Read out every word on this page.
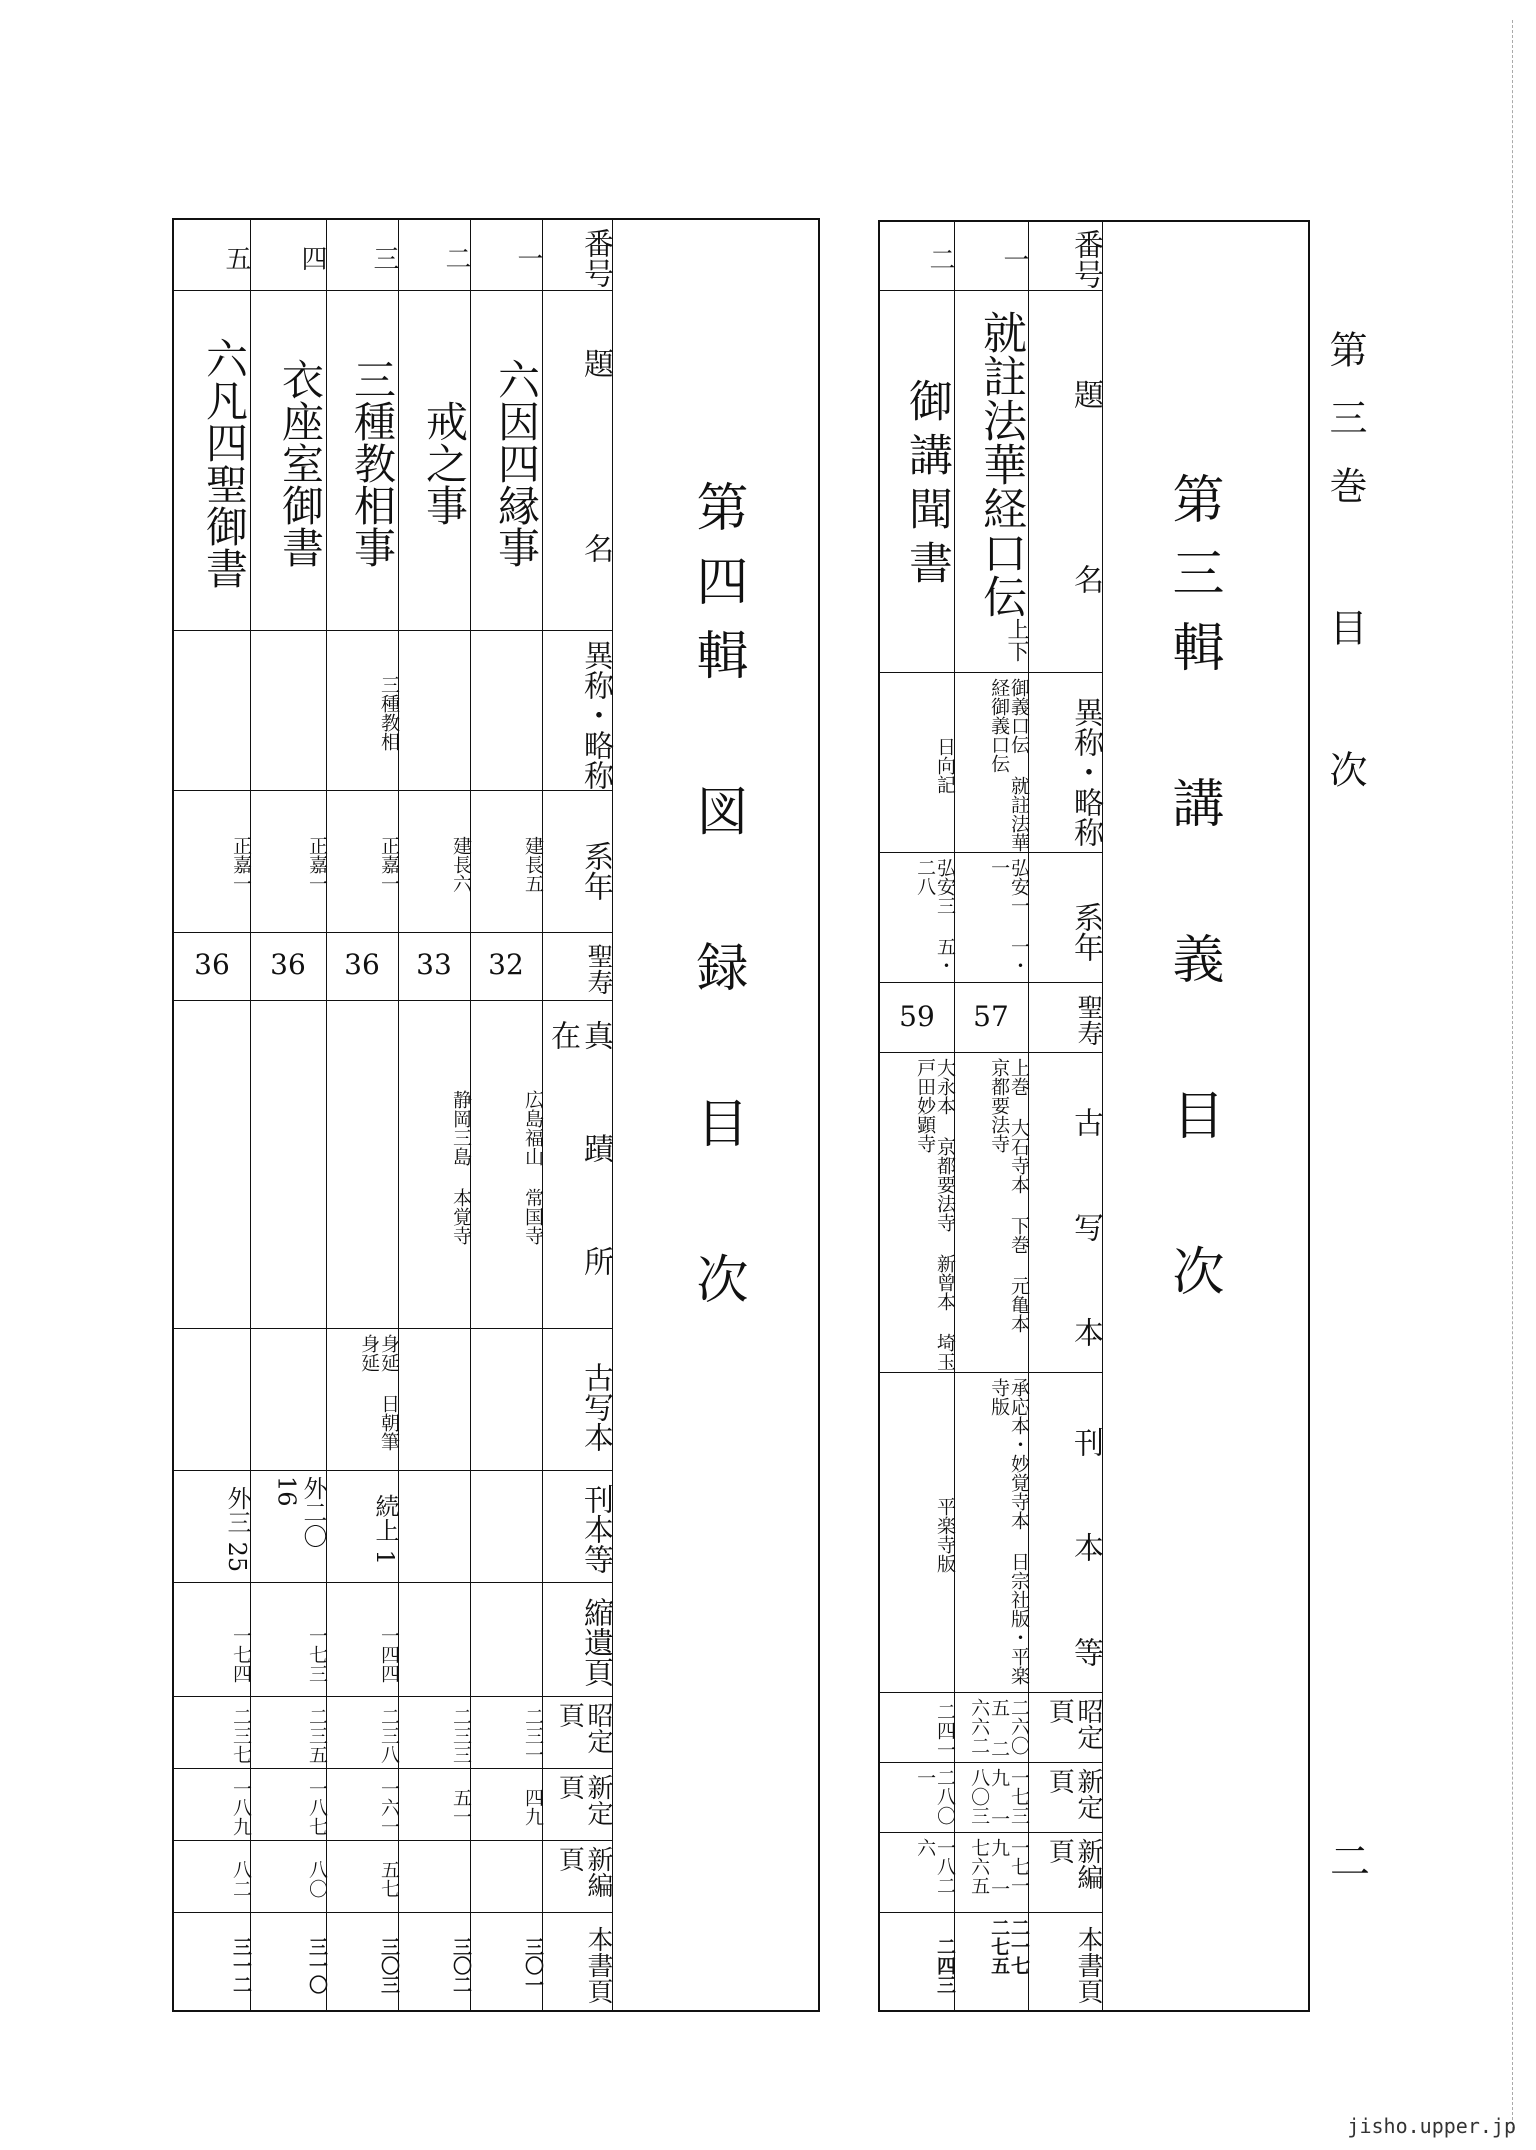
第三巻 目 次
二
第三輯 講 義 目 次
番号
題 名
異称・略称
系年
聖寿
古 写 本
刊 本 等
昭定頁
新定頁
新編頁
本書頁
一
就註法華経口伝
上下
御義口伝 就註法華経御義口伝
弘安一 一・一
57
上巻 大石寺本 下巻 元亀本 京都要法寺
承応本・妙覚寺本 日宗社版・平楽寺版
二六〇五 二六六二
一七三九 一八〇三
一七一九 一七六五
二一七 二七五
二
御講聞書
日向記
弘安三 五・二八
59
大永本 京都要法寺 新曾本 埼玉戸田妙顕寺
平楽寺版
二四一
二八〇一
一八二六
二四三
第四輯 図 録 目 次
番号
題 名
異称・略称
系年
聖寿
真 蹟 所 在
古写本
刊本等
縮遺頁
昭定頁
新定頁
新編頁
本書頁
一
六因四縁事
建長五
32
広島福山 常国寺
二三一
四九
三〇一
二
戒之事
建長六
33
静岡三島 本覚寺
二三三
五一
三〇二
三
三種教相事
三種教相
正嘉一
36
身延 日朝筆 身延
続上 1
一四四
二三八
一六一
五七
三〇三
四
衣座室御書
正嘉一
36
外二〇 16
一七三
二三五
一八七
八〇
三一〇
五
六凡四聖御書
正嘉一
36
外三 25
一七四
二三七
一八九
八二
三一二
jisho.upper.jp
